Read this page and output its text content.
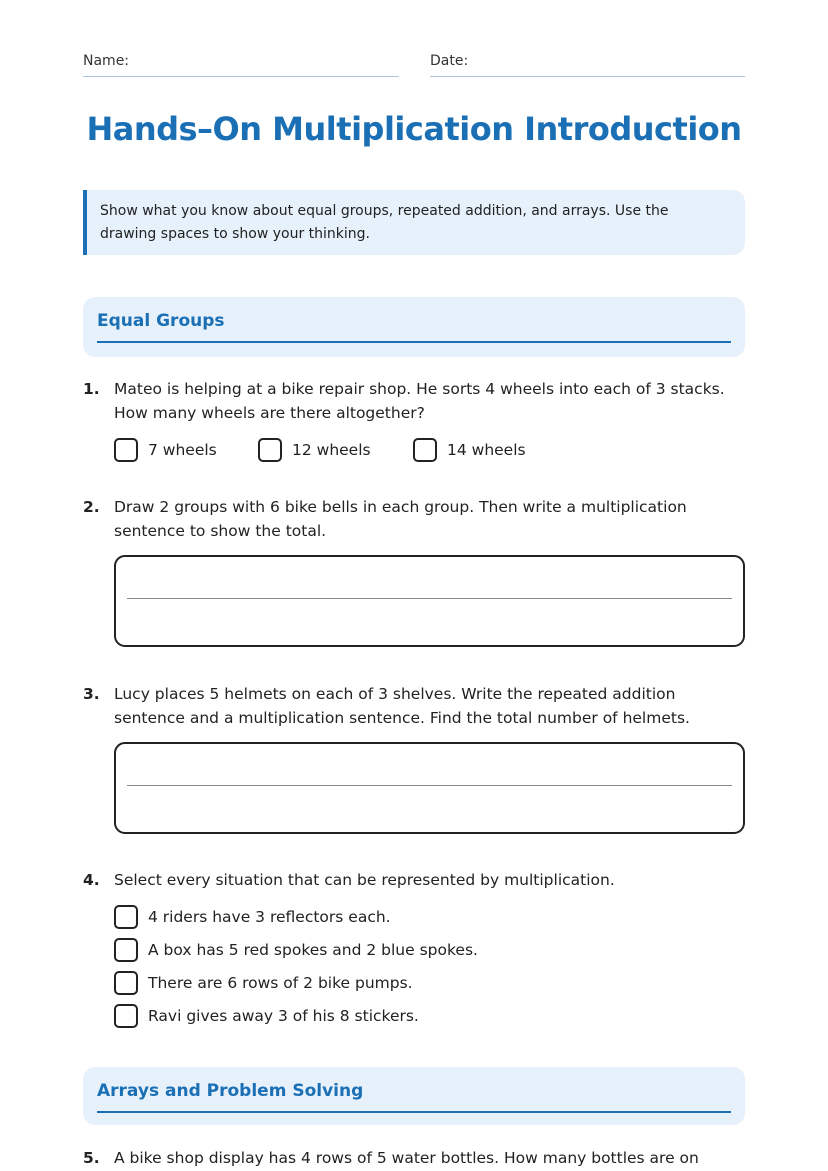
Name:	Date:
Hands–On Multiplication Introduction
Show what you know about equal groups, repeated addition, and arrays. Use the drawing spaces to show your thinking.
Equal Groups
1. Mateo is helping at a bike repair shop. He sorts 4 wheels into each of 3 stacks. How many wheels are there altogether?
7 wheels	12 wheels	14 wheels
2. Draw 2 groups with 6 bike bells in each group. Then write a multiplication sentence to show the total.
3. Lucy places 5 helmets on each of 3 shelves. Write the repeated addition sentence and a multiplication sentence. Find the total number of helmets.
4. Select every situation that can be represented by multiplication.
4 riders have 3 reflectors each.
A box has 5 red spokes and 2 blue spokes.
There are 6 rows of 2 bike pumps.
Ravi gives away 3 of his 8 stickers.
Arrays and Problem Solving
5. A bike shop display has 4 rows of 5 water bottles. How many bottles are on
